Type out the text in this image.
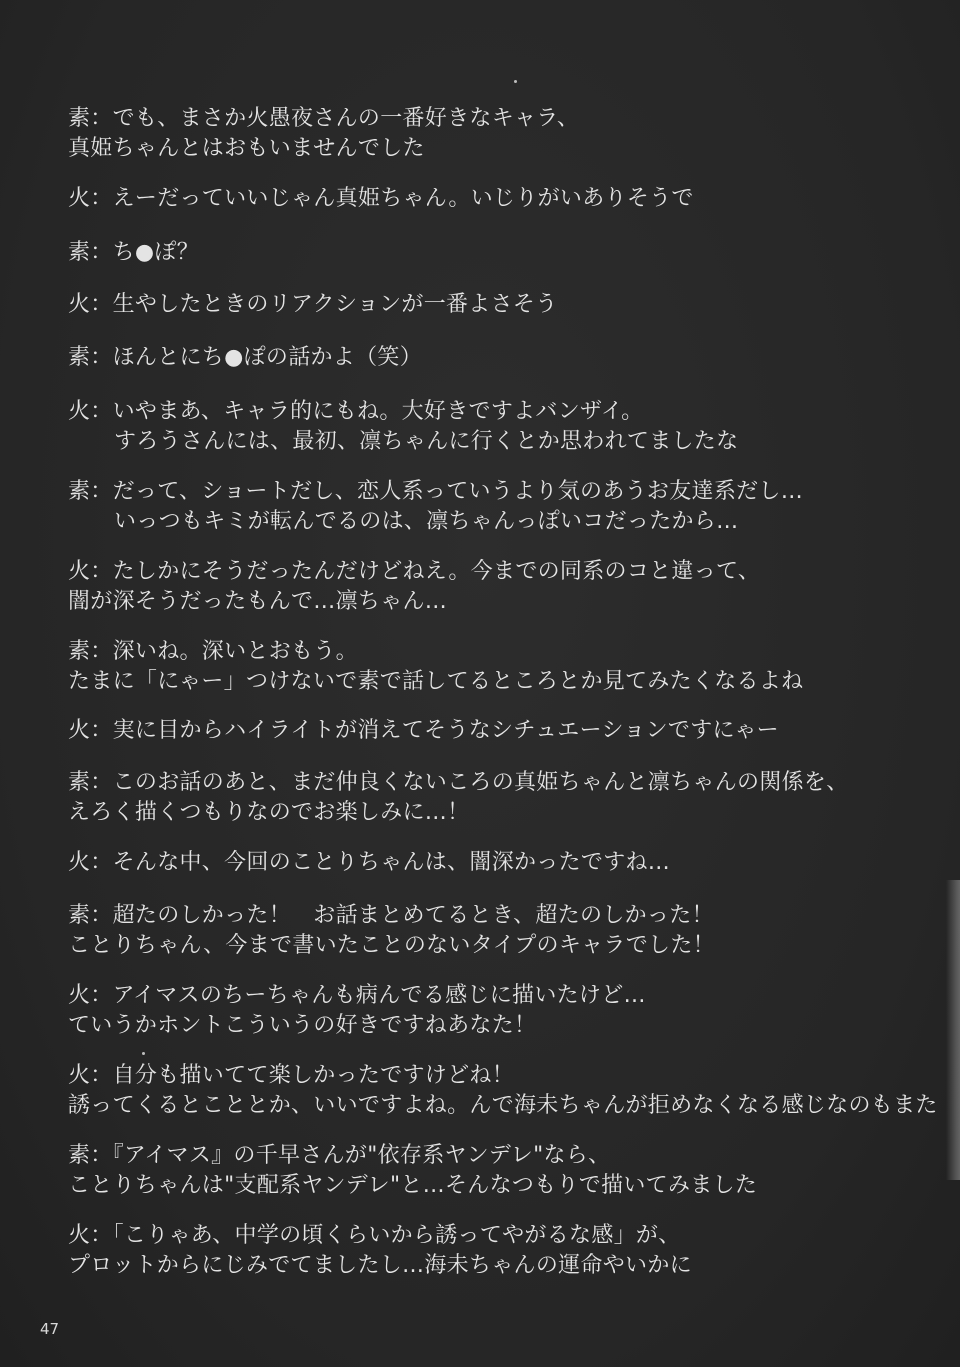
素：でも、まさか火愚夜さんの一番好きなキャラ、
真姫ちゃんとはおもいませんでした
火：えーだっていいじゃん真姫ちゃん。いじりがいありそうで
素：ち●ぽ？
火：生やしたときのリアクションが一番よさそう
素：ほんとにち●ぽの話かよ（笑）
火：いやまあ、キャラ的にもね。大好きですよバンザイ。
すろうさんには、最初、凛ちゃんに行くとか思われてましたな
素：だって、ショートだし、恋人系っていうより気のあうお友達系だし…
いっつもキミが転んでるのは、凛ちゃんっぽいコだったから…
火：たしかにそうだったんだけどねえ。今までの同系のコと違って、
闇が深そうだったもんで…凛ちゃん…
素：深いね。深いとおもう。
たまに「にゃー」つけないで素で話してるところとか見てみたくなるよね
火：実に目からハイライトが消えてそうなシチュエーションですにゃー
素：このお話のあと、まだ仲良くないころの真姫ちゃんと凛ちゃんの関係を、
えろく描くつもりなのでお楽しみに…！
火：そんな中、今回のことりちゃんは、闇深かったですね…
素：超たのしかった！　お話まとめてるとき、超たのしかった！
ことりちゃん、今まで書いたことのないタイプのキャラでした！
火：アイマスのちーちゃんも病んでる感じに描いたけど…
ていうかホントこういうの好きですねあなた！
火：自分も描いてて楽しかったですけどね！
誘ってくるとこととか、いいですよね。んで海未ちゃんが拒めなくなる感じなのもまた
素：『アイマス』の千早さんが"依存系ヤンデレ"なら、
ことりちゃんは"支配系ヤンデレ"と…そんなつもりで描いてみました
火：「こりゃあ、中学の頃くらいから誘ってやがるな感」が、
プロットからにじみでてましたし…海未ちゃんの運命やいかに
47
